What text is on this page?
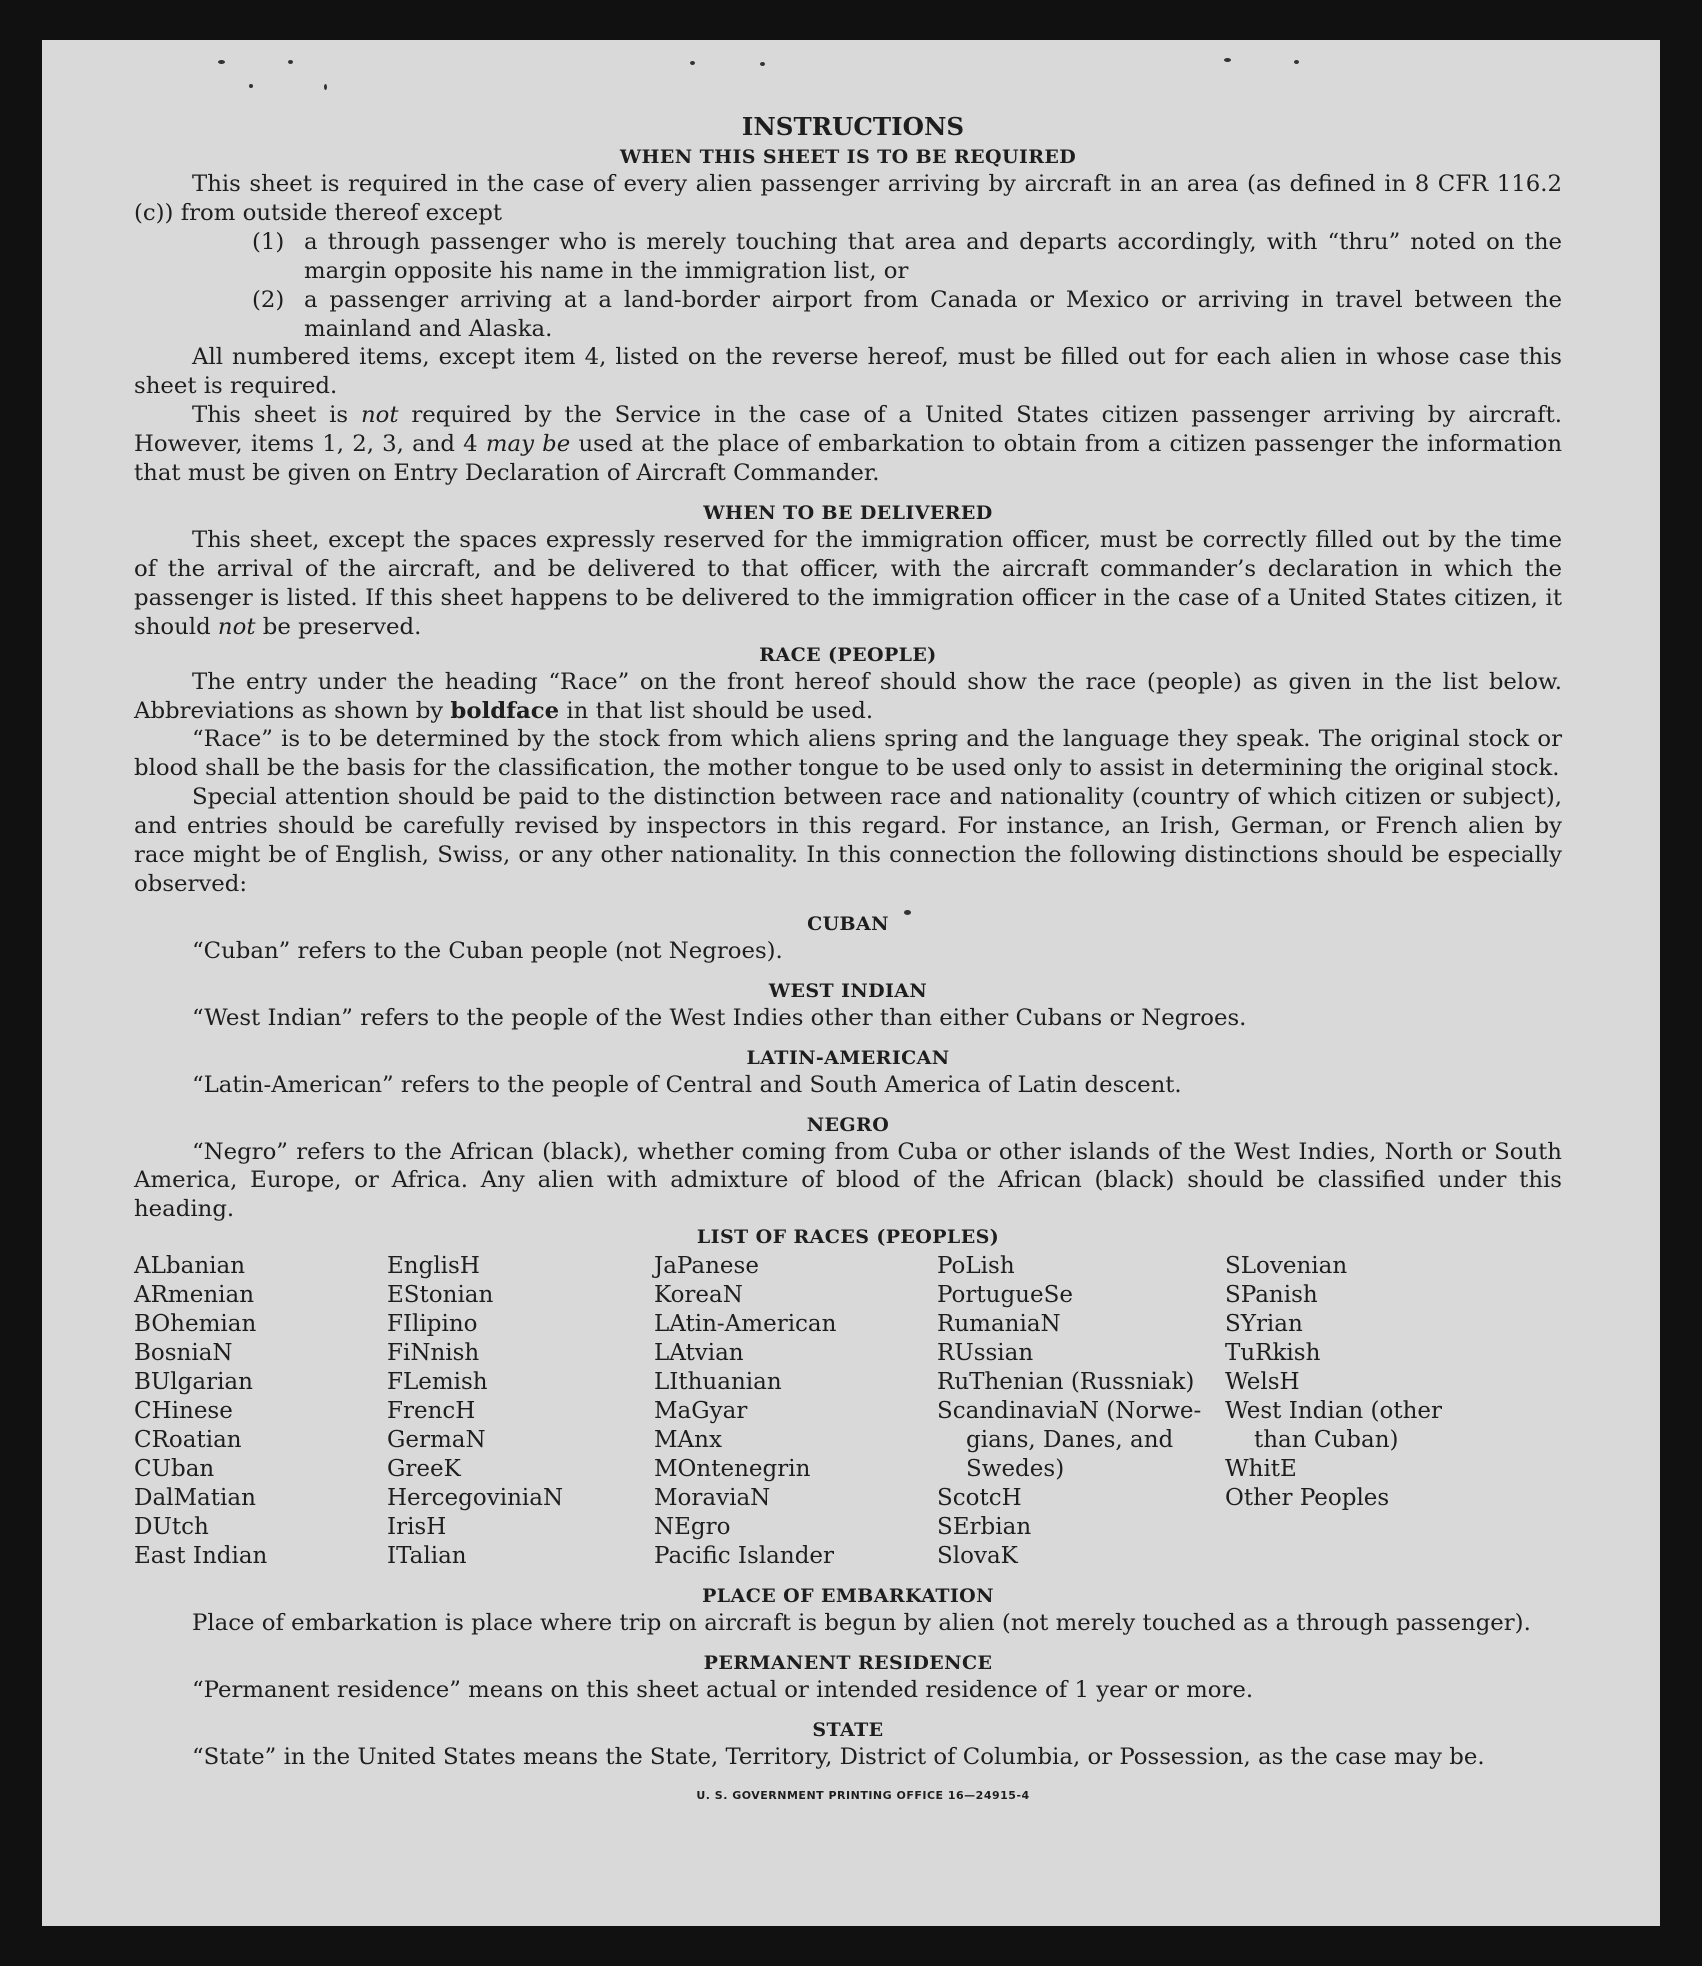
INSTRUCTIONS
WHEN THIS SHEET IS TO BE REQUIRED

This sheet is required in the case of every alien passenger arriving by aircraft in an area (as defined in 8 CFR 116.2 (c)) from outside thereof except

(1) a through passenger who is merely touching that area and departs accordingly, with “thru” noted on the margin opposite his name in the immigration list, or
(2) a passenger arriving at a land-border airport from Canada or Mexico or arriving in travel between the mainland and Alaska.

All numbered items, except item 4, listed on the reverse hereof, must be filled out for each alien in whose case this sheet is required.

This sheet is not required by the Service in the case of a United States citizen passenger arriving by aircraft. However, items 1, 2, 3, and 4 may be used at the place of embarkation to obtain from a citizen passenger the information that must be given on Entry Declaration of Aircraft Commander.

WHEN TO BE DELIVERED

This sheet, except the spaces expressly reserved for the immigration officer, must be correctly filled out by the time of the arrival of the aircraft, and be delivered to that officer, with the aircraft commander’s declaration in which the passenger is listed. If this sheet happens to be delivered to the immigration officer in the case of a United States citizen, it should not be preserved.

RACE (PEOPLE)

The entry under the heading “Race” on the front hereof should show the race (people) as given in the list below. Abbreviations as shown by boldface in that list should be used.

“Race” is to be determined by the stock from which aliens spring and the language they speak. The original stock or blood shall be the basis for the classification, the mother tongue to be used only to assist in determining the original stock.

Special attention should be paid to the distinction between race and nationality (country of which citizen or subject), and entries should be carefully revised by inspectors in this regard. For instance, an Irish, German, or French alien by race might be of English, Swiss, or any other nationality. In this connection the following distinctions should be especially observed:

CUBAN

“Cuban” refers to the Cuban people (not Negroes).

WEST INDIAN

“West Indian” refers to the people of the West Indies other than either Cubans or Negroes.

LATIN-AMERICAN

“Latin-American” refers to the people of Central and South America of Latin descent.

NEGRO

“Negro” refers to the African (black), whether coming from Cuba or other islands of the West Indies, North or South America, Europe, or Africa. Any alien with admixture of blood of the African (black) should be classified under this heading.

LIST OF RACES (PEOPLES)
ALbanian
ARmenian
BOhemian
BosniaN
BUlgarian
CHinese
CRoatian
CUban
DalMatian
DUtch
East Indian
EnglisH
EStonian
FIlipino
FiNnish
FLemish
FrencH
GermaN
GreeK
HercegoviniaN
IrisH
ITalian
JaPanese
KoreaN
LAtin-American
LAtvian
LIthuanian
MaGyar
MAnx
MOntenegrin
MoraviaN
NEgro
Pacific Islander
PoLish
PortugueSe
RumaniaN
RUssian
RuThenian (Russniak)
ScandinaviaN (Norwe-
gians, Danes, and
Swedes)
ScotcH
SErbian
SlovaK
SLovenian
SPanish
SYrian
TuRkish
WelsH
West Indian (other
than Cuban)
WhitE
Other Peoples
PLACE OF EMBARKATION

Place of embarkation is place where trip on aircraft is begun by alien (not merely touched as a through passenger).

PERMANENT RESIDENCE

“Permanent residence” means on this sheet actual or intended residence of 1 year or more.

STATE

“State” in the United States means the State, Territory, District of Columbia, or Possession, as the case may be.

U. S. GOVERNMENT PRINTING OFFICE 16—24915-4
